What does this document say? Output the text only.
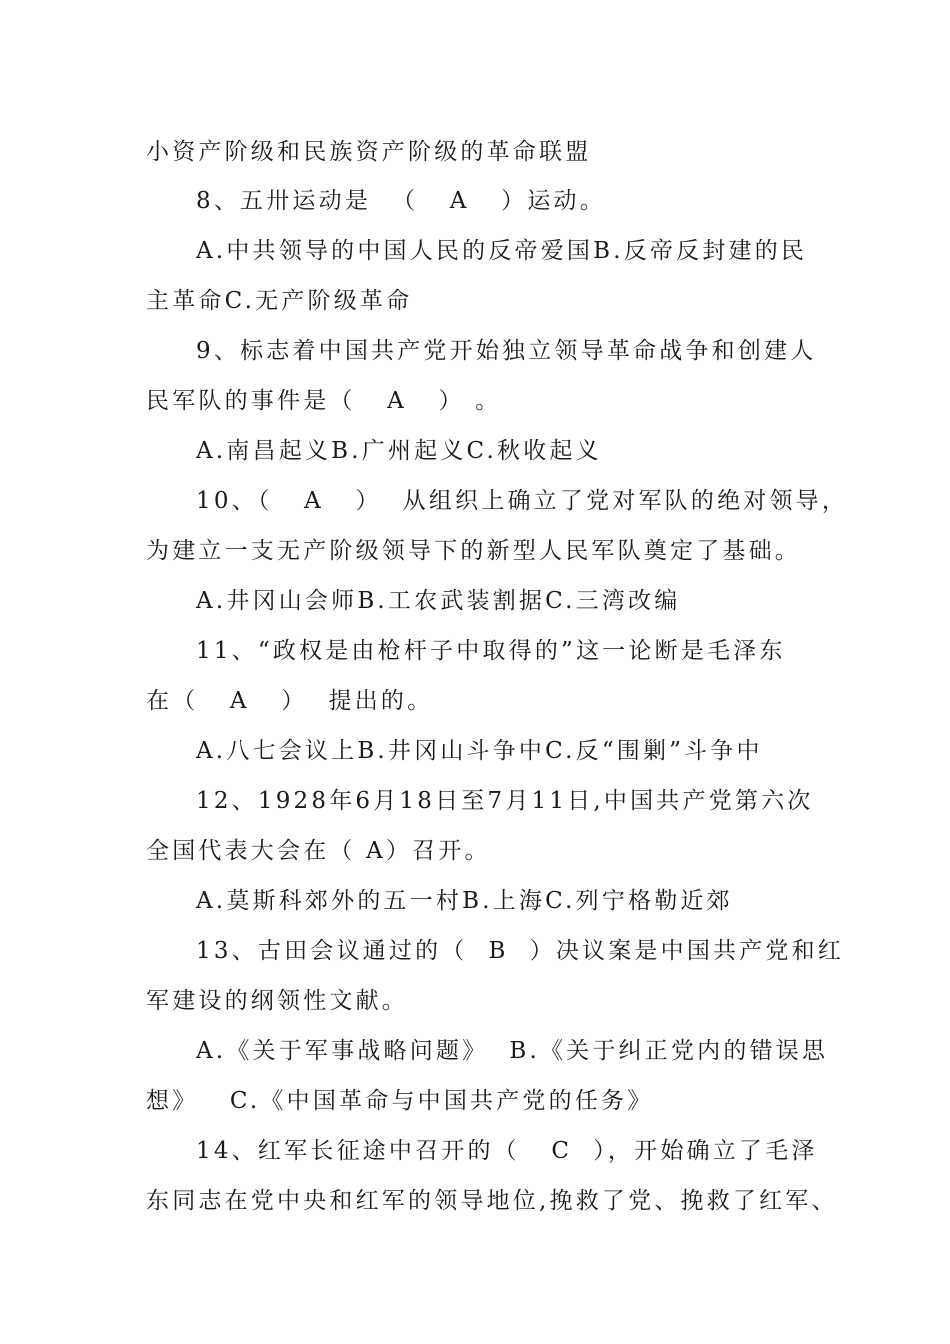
小资产阶级和民族资产阶级的革命联盟
8、五卅运动是  （   A   ）运动。
A.中共领导的中国人民的反帝爱国B.反帝反封建的民
主革命C.无产阶级革命
9、标志着中国共产党开始独立领导革命战争和创建人
民军队的事件是（   A   ） 。
A.南昌起义B.广州起义C.秋收起义
10、（   A   ）  从组织上确立了党对军队的绝对领导，
为建立一支无产阶级领导下的新型人民军队奠定了基础。
A.井冈山会师B.工农武装割据C.三湾改编
11、“政权是由枪杆子中取得的”这一论断是毛泽东
在（   A   ）  提出的。
A.八七会议上B.井冈山斗争中C.反“围剿”斗争中
12、1928年6月18日至7月11日,中国共产党第六次
全国代表大会在（ A）召开。
A.莫斯科郊外的五一村B.上海C.列宁格勒近郊
13、古田会议通过的（  B  ）决议案是中国共产党和红
军建设的纲领性文献。
A.《关于军事战略问题》  B.《关于纠正党内的错误思
想》   C.《中国革命与中国共产党的任务》
14、红军长征途中召开的（   C  ），开始确立了毛泽
东同志在党中央和红军的领导地位,挽救了党、挽救了红军、
